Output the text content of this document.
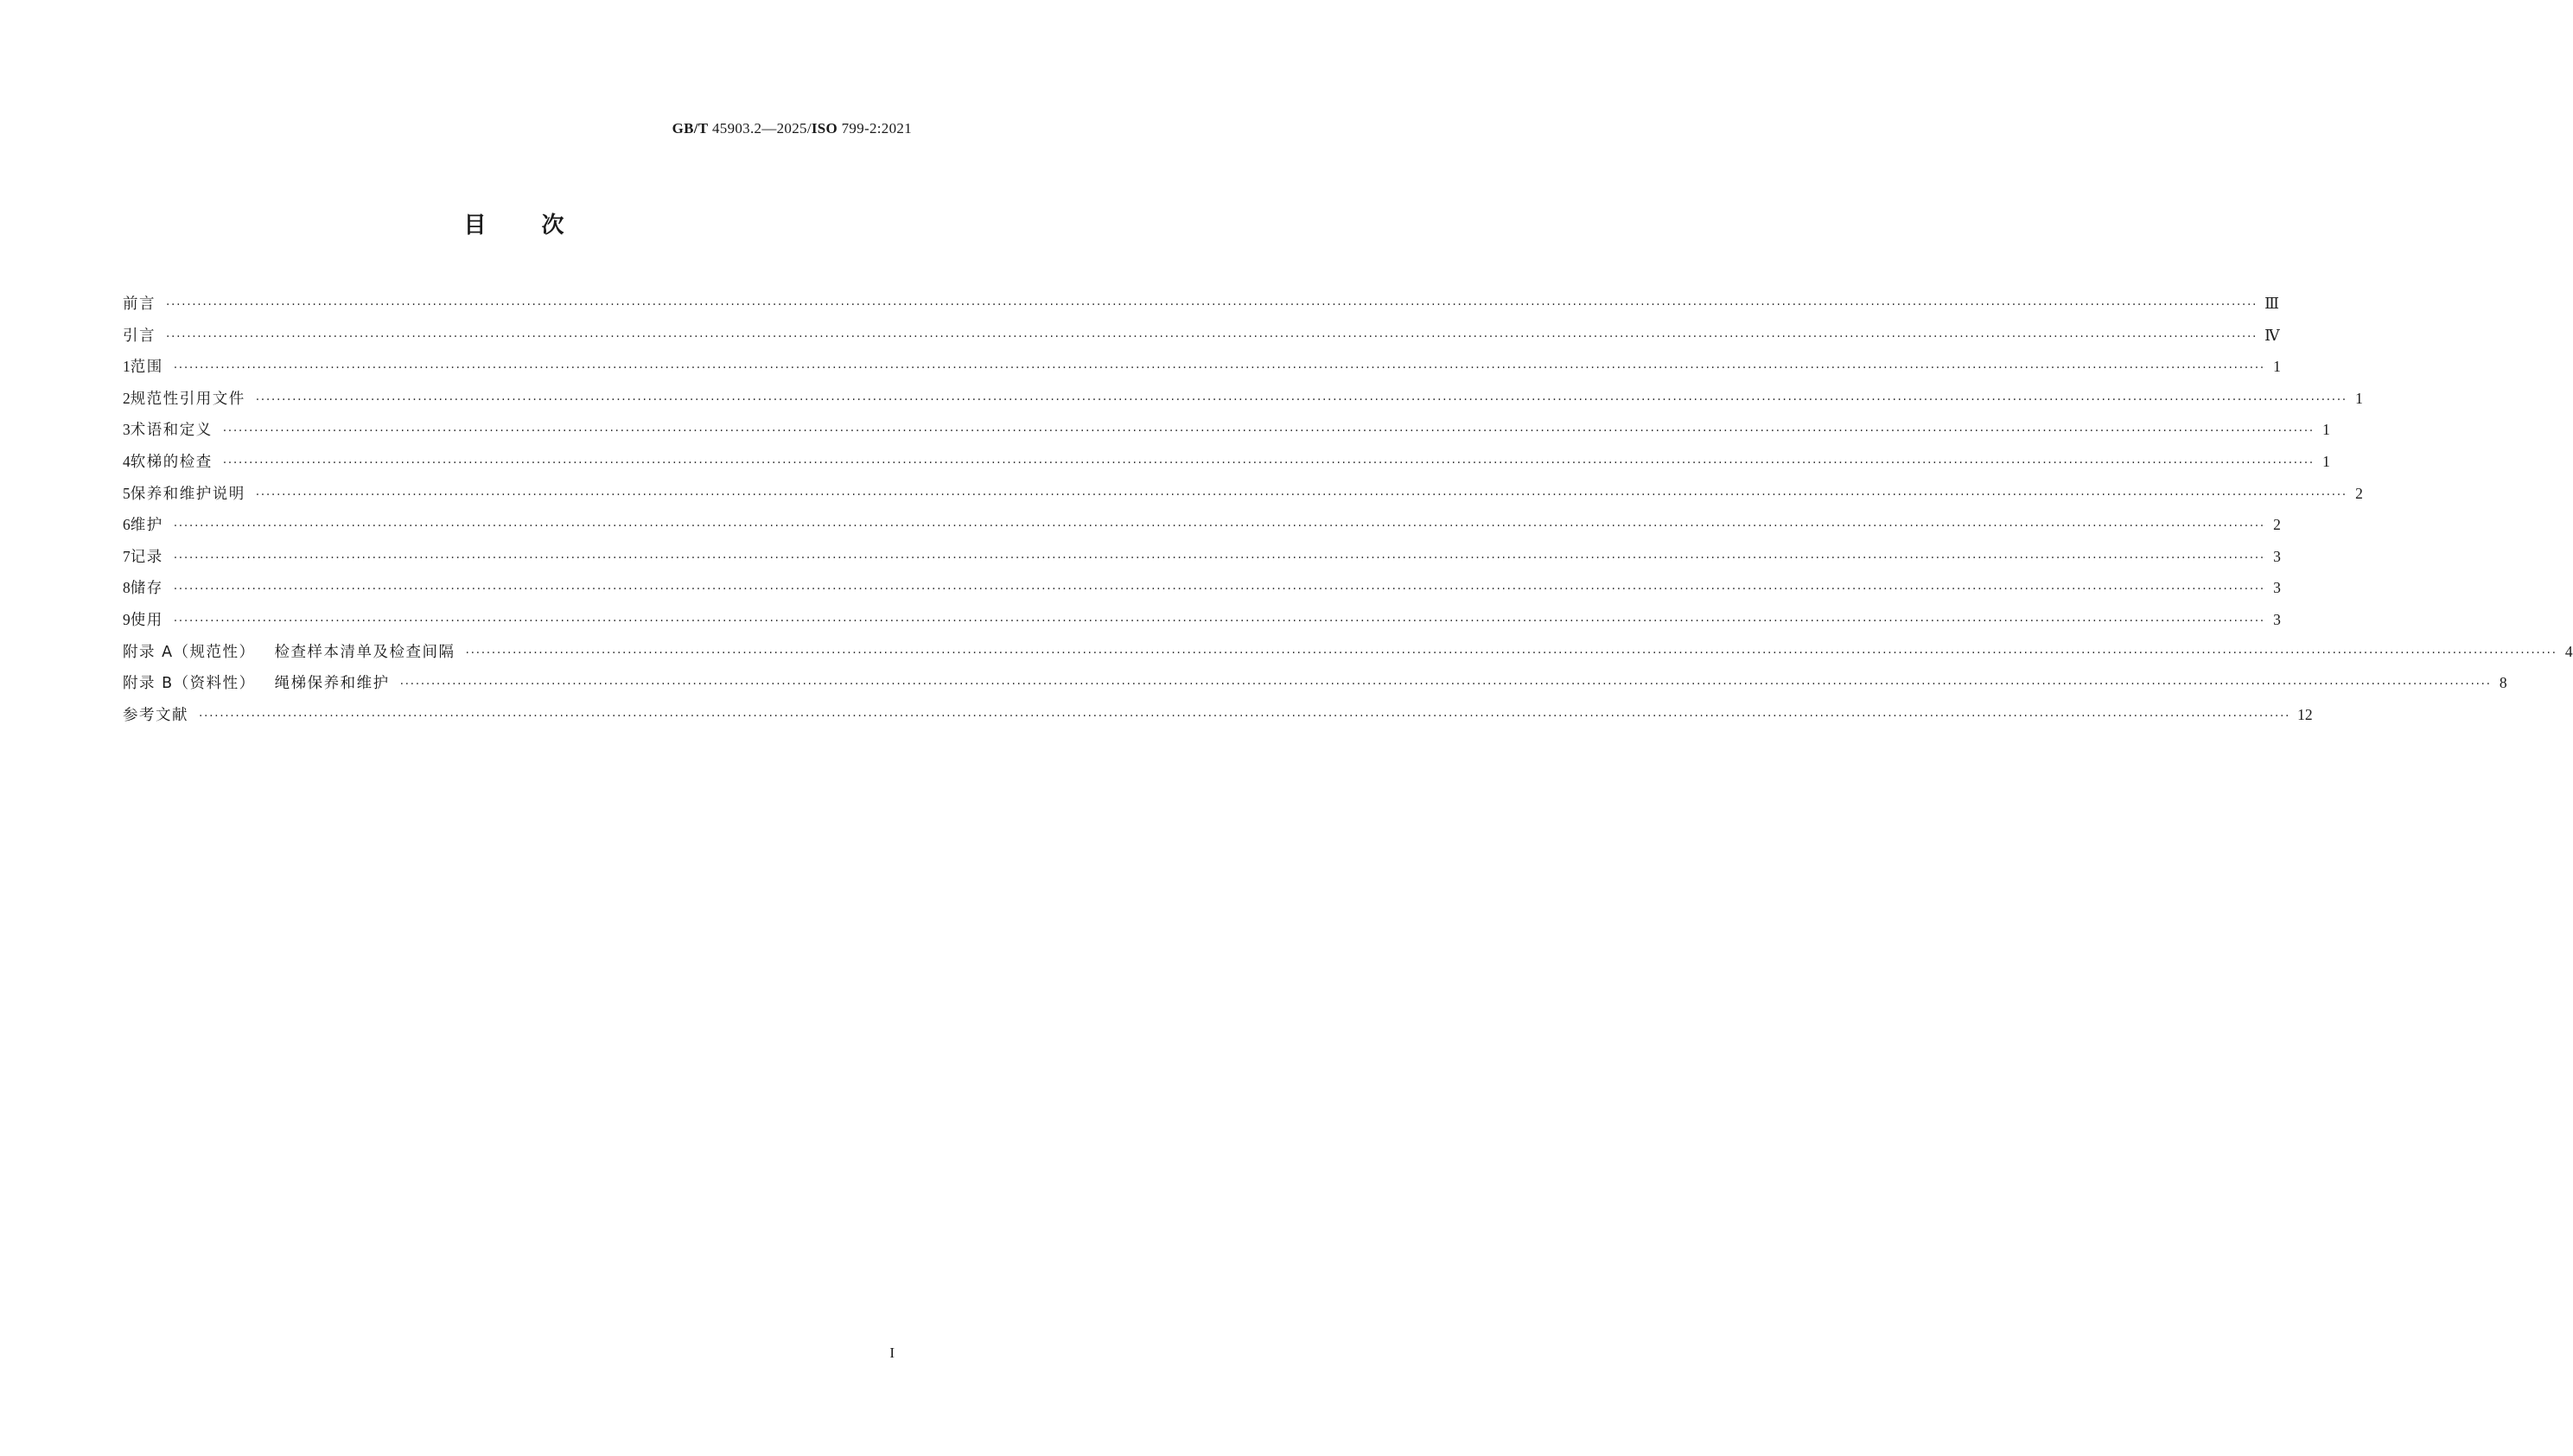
GB/T 45903.2—2025/ISO 799-2:2021
目 次
前言 ················································································································································································································································································································································································································ Ⅲ
引言 ················································································································································································································································································································································································································ Ⅳ
1 范围 ················································································································································································································································································································································································································ 1
2 规范性引用文件 ················································································································································································································································································································································································································ 1
3 术语和定义 ················································································································································································································································································································································································································ 1
4 软梯的检查 ················································································································································································································································································································································································································ 1
5 保养和维护说明 ················································································································································································································································································································································································································ 2
6 维护 ················································································································································································································································································································································································································ 2
7 记录 ················································································································································································································································································································································································································ 3
8 储存 ················································································································································································································································································································································································································ 3
9 使用 ················································································································································································································································································································································································································ 3
附录 A（规范性） 检查样本清单及检查间隔 ················································································································································································································································································································································································································ 4
附录 B（资料性） 绳梯保养和维护 ················································································································································································································································································································································································································ 8
参考文献 ················································································································································································································································································································································································································ 12
I
